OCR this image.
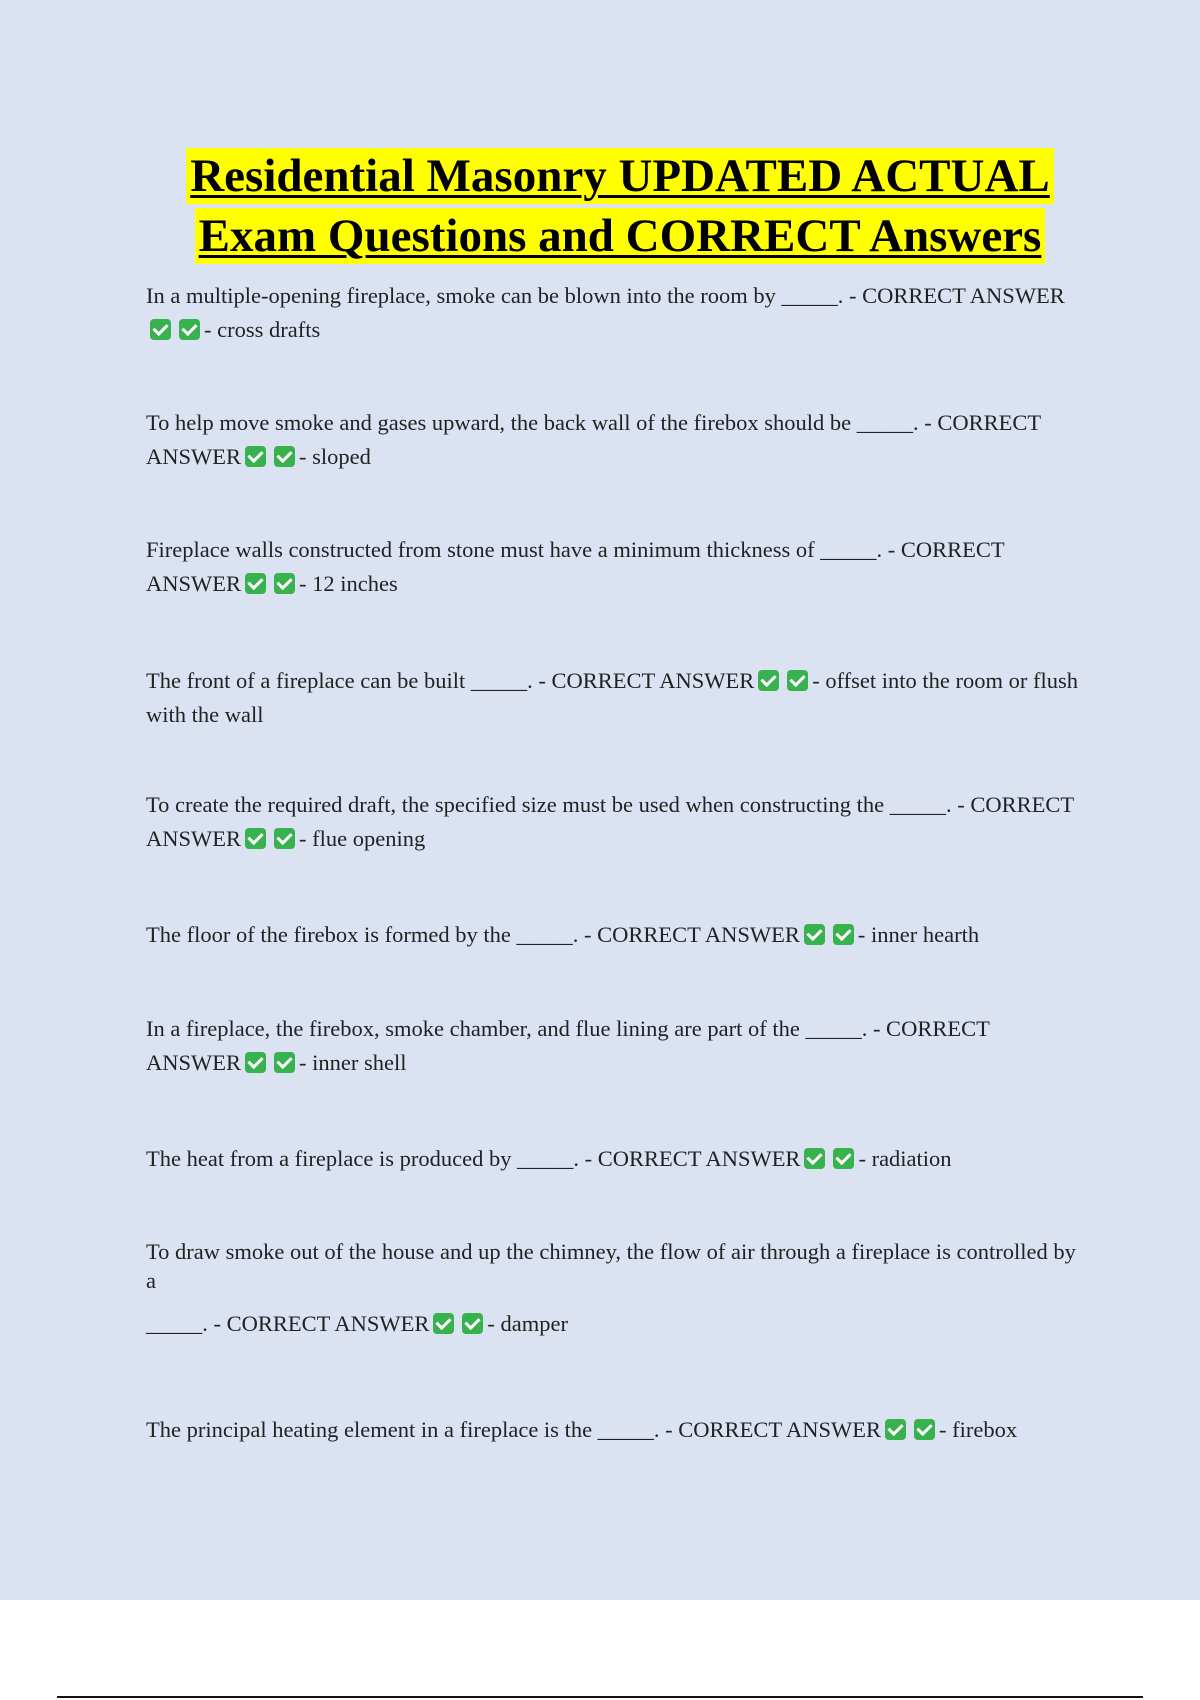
Residential Masonry UPDATED ACTUAL
Exam Questions and CORRECT Answers
In a multiple-opening fireplace, smoke can be blown into the room by _____. - CORRECT ANSWER- cross drafts
To help move smoke and gases upward, the back wall of the firebox should be _____. - CORRECT ANSWER	- sloped
Fireplace walls constructed from stone must have a minimum thickness of _____. - CORRECT ANSWER	- 12 inches
The front of a fireplace can be built _____. - CORRECT ANSWER	- offset into the room or flush with the wall
To create the required draft, the specified size must be used when constructing the _____. - CORRECT ANSWER	- flue opening
The floor of the firebox is formed by the _____. - CORRECT ANSWER	- inner hearth
In a fireplace, the firebox, smoke chamber, and flue lining are part of the _____. - CORRECT ANSWER	- inner shell
The heat from a fireplace is produced by _____. - CORRECT ANSWER	- radiation
To draw smoke out of the house and up the chimney, the flow of air through a fireplace is controlled by a
_____. - CORRECT ANSWER	- damper
The principal heating element in a fireplace is the _____. - CORRECT ANSWER	- firebox
